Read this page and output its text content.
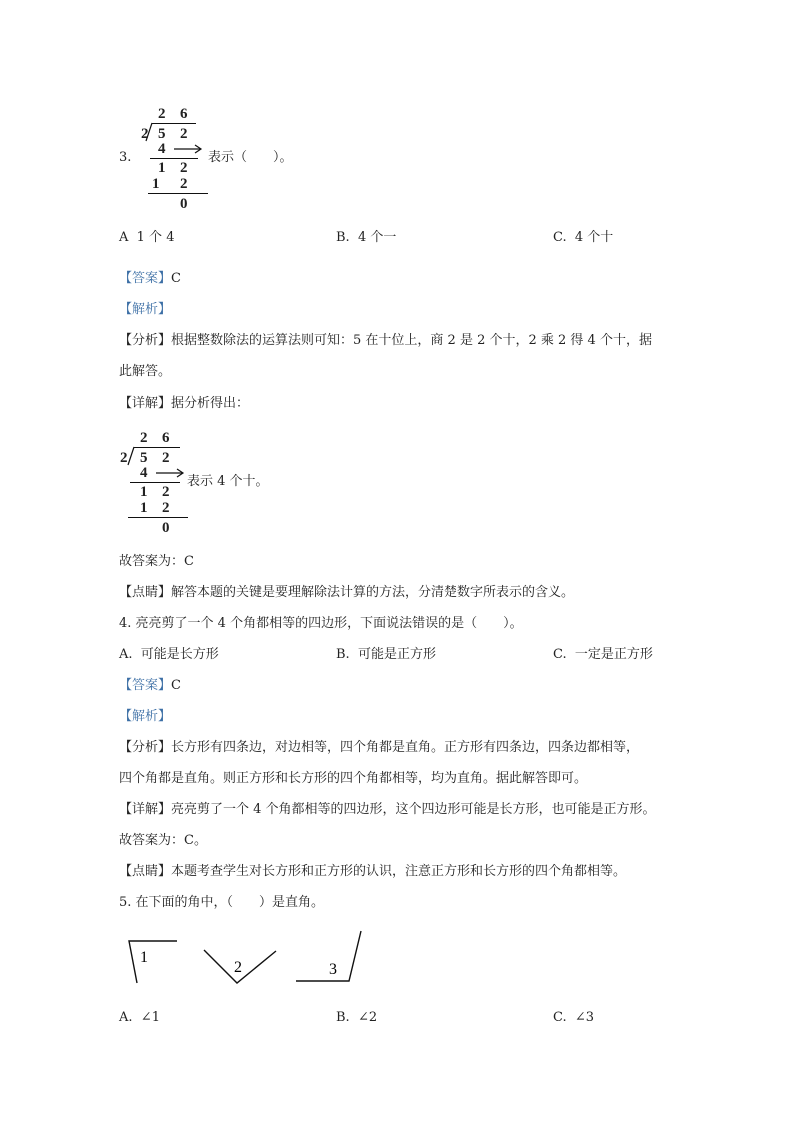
2 6
2 5 2
4
1 2
1 2
0
3.	表示（　　）。
A 1 个 4	B. 4 个一	C. 4 个十
【答案】C
【解析】
【分析】根据整数除法的运算法则可知：5 在十位上，商 2 是 2 个十，2 乘 2 得 4 个十，据
此解答。
【详解】据分析得出：
2 6
2 5 2
4
1 2
1 2
0
表示 4 个十。
故答案为：C
【点睛】解答本题的关键是要理解除法计算的方法，分清楚数字所表示的含义。
4. 亮亮剪了一个 4 个角都相等的四边形，下面说法错误的是（　　）。
A. 可能是长方形	B. 可能是正方形	C. 一定是正方形
【答案】C
【解析】
【分析】长方形有四条边，对边相等，四个角都是直角。正方形有四条边，四条边都相等，
四个角都是直角。则正方形和长方形的四个角都相等，均为直角。据此解答即可。
【详解】亮亮剪了一个 4 个角都相等的四边形，这个四边形可能是长方形，也可能是正方形。
故答案为：C。
【点睛】本题考查学生对长方形和正方形的认识，注意正方形和长方形的四个角都相等。
5. 在下面的角中，（　　）是直角。
1
2	3
A. ∠1	B. ∠2	C. ∠3
